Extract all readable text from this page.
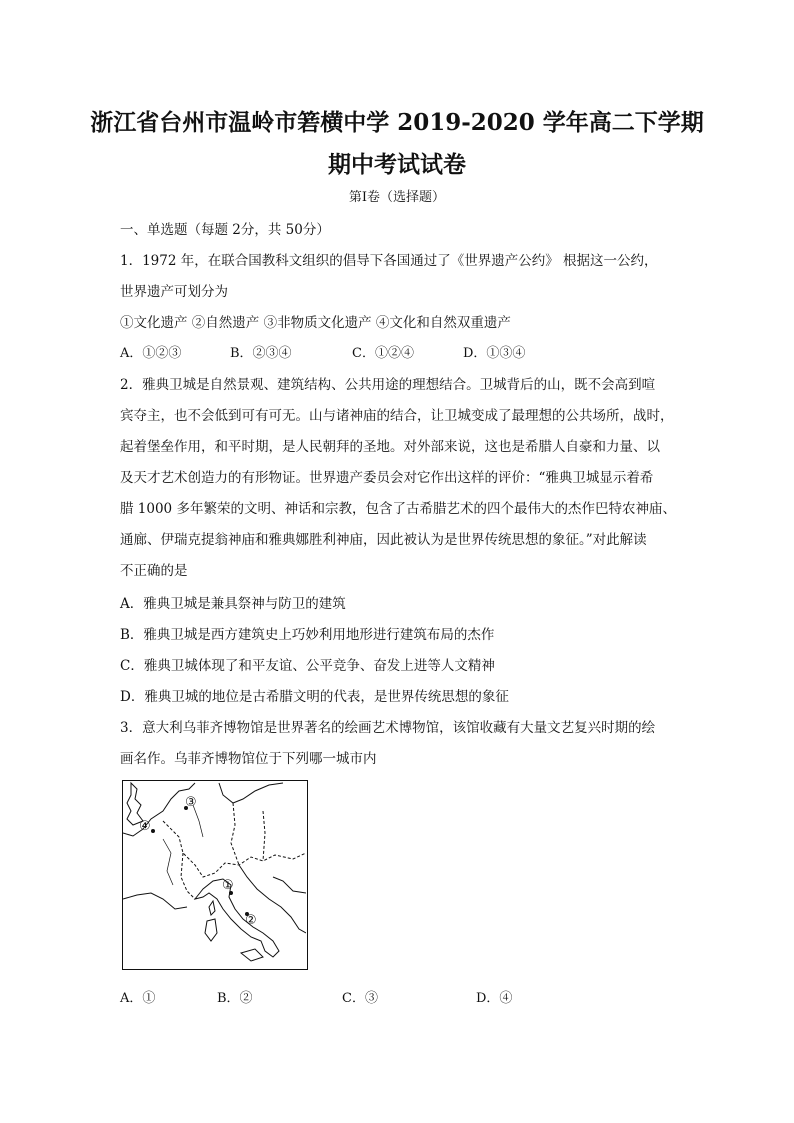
浙江省台州市温岭市箬横中学 2019-2020 学年高二下学期
期中考试试卷
第Ⅰ卷（选择题）
一、单选题（每题 2分，共 50分）
1．1972 年，在联合国教科文组织的倡导下各国通过了《世界遗产公约》 根据这一公约，
世界遗产可划分为
①文化遗产 ②自然遗产 ③非物质文化遗产 ④文化和自然双重遗产
A．①②③	B．②③④	C．①②④	D．①③④
2．雅典卫城是自然景观、建筑结构、公共用途的理想结合。卫城背后的山，既不会高到喧
宾夺主，也不会低到可有可无。山与诸神庙的结合，让卫城变成了最理想的公共场所，战时，
起着堡垒作用，和平时期，是人民朝拜的圣地。对外部来说，这也是希腊人自豪和力量、以
及天才艺术创造力的有形物证。世界遗产委员会对它作出这样的评价：“雅典卫城显示着希
腊 1000 多年繁荣的文明、神话和宗教，包含了古希腊艺术的四个最伟大的杰作巴特农神庙、
通廊、伊瑞克提翁神庙和雅典娜胜利神庙，因此被认为是世界传统思想的象征。”对此解读
不正确的是
A．雅典卫城是兼具祭神与防卫的建筑
B．雅典卫城是西方建筑史上巧妙利用地形进行建筑布局的杰作
C．雅典卫城体现了和平友谊、公平竞争、奋发上进等人文精神
D．雅典卫城的地位是古希腊文明的代表，是世界传统思想的象征
3．意大利乌菲齐博物馆是世界著名的绘画艺术博物馆，该馆收藏有大量文艺复兴时期的绘
画名作。乌菲齐博物馆位于下列哪一城市内
①
②
③
④
A．①	B．②	C．③	D．④
